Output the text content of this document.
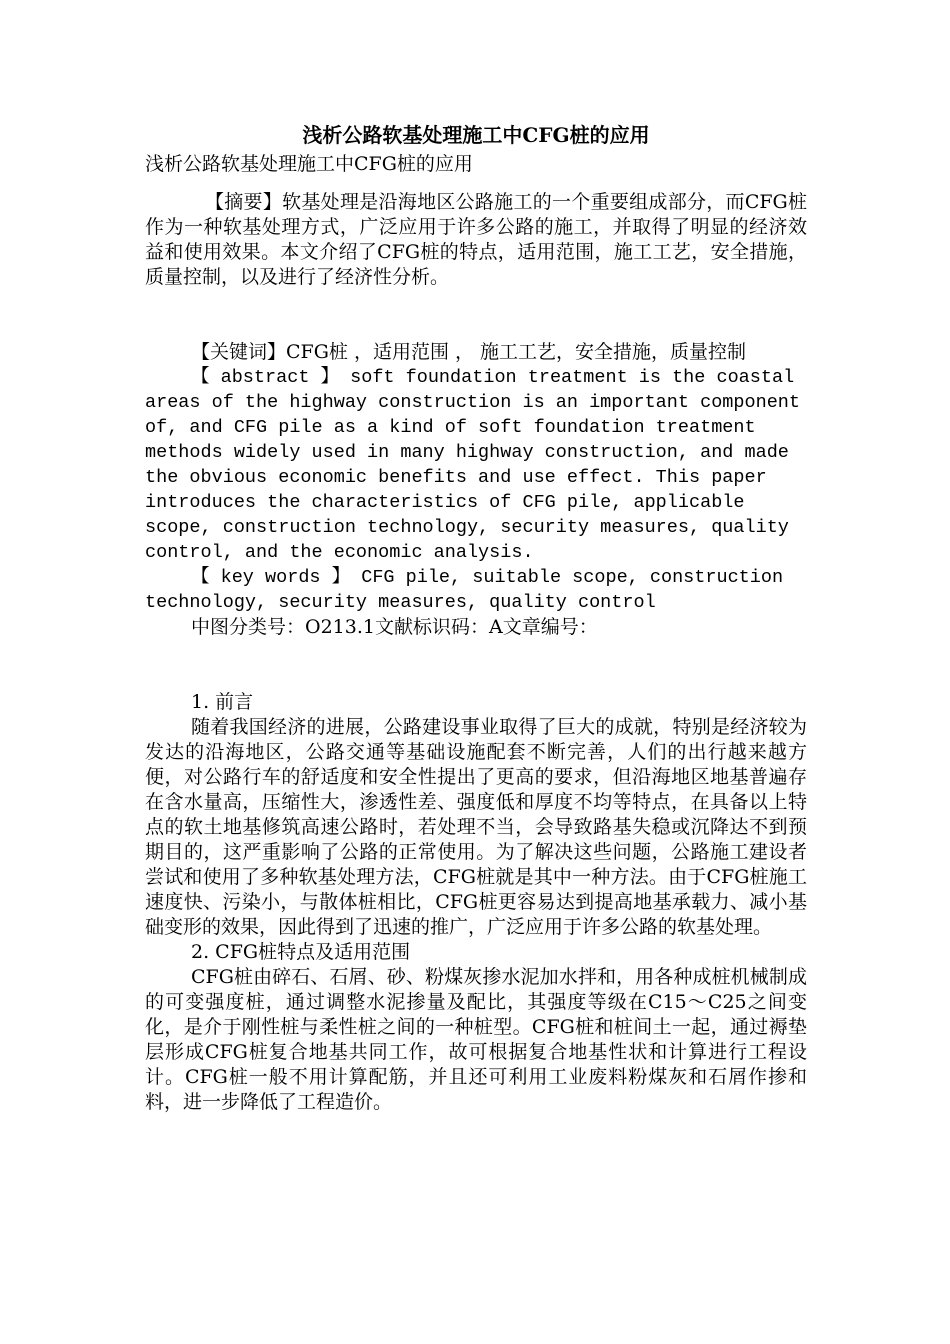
浅析公路软基处理施工中CFG桩的应用

浅析公路软基处理施工中CFG桩的应用

【摘要】软基处理是沿海地区公路施工的一个重要组成部分，而CFG桩作为一种软基处理方式，广泛应用于许多公路的施工，并取得了明显的经济效益和使用效果。本文介绍了CFG桩的特点，适用范围，施工工艺，安全措施，质量控制，以及进行了经济性分析。

【关键词】CFG桩 ，适用范围 ， 施工工艺，安全措施，质量控制

【 abstract 】 soft foundation treatment is the coastal areas of the highway construction is an important component of, and CFG pile as a kind of soft foundation treatment methods widely used in many highway construction, and made the obvious economic benefits and use effect. This paper introduces the characteristics of CFG pile, applicable scope, construction technology, security measures, quality control, and the economic analysis.

【 key words 】 CFG pile, suitable scope, construction technology, security measures, quality control

中图分类号：O213.1文献标识码：A文章编号：

1. 前言

随着我国经济的进展，公路建设事业取得了巨大的成就，特别是经济较为发达的沿海地区，公路交通等基础设施配套不断完善，人们的出行越来越方便，对公路行车的舒适度和安全性提出了更高的要求，但沿海地区地基普遍存在含水量高，压缩性大，渗透性差、强度低和厚度不均等特点，在具备以上特点的软土地基修筑高速公路时，若处理不当，会导致路基失稳或沉降达不到预期目的，这严重影响了公路的正常使用。为了解决这些问题，公路施工建设者尝试和使用了多种软基处理方法，CFG桩就是其中一种方法。由于CFG桩施工速度快、污染小，与散体桩相比，CFG桩更容易达到提高地基承载力、减小基础变形的效果，因此得到了迅速的推广，广泛应用于许多公路的软基处理。

2. CFG桩特点及适用范围

CFG桩由碎石、石屑、砂、粉煤灰掺水泥加水拌和，用各种成桩机械制成的可变强度桩，通过调整水泥掺量及配比，其强度等级在C15～C25之间变化，是介于刚性桩与柔性桩之间的一种桩型。CFG桩和桩间土一起，通过褥垫层形成CFG桩复合地基共同工作，故可根据复合地基性状和计算进行工程设计。CFG桩一般不用计算配筋，并且还可利用工业废料粉煤灰和石屑作掺和料，进一步降低了工程造价。
